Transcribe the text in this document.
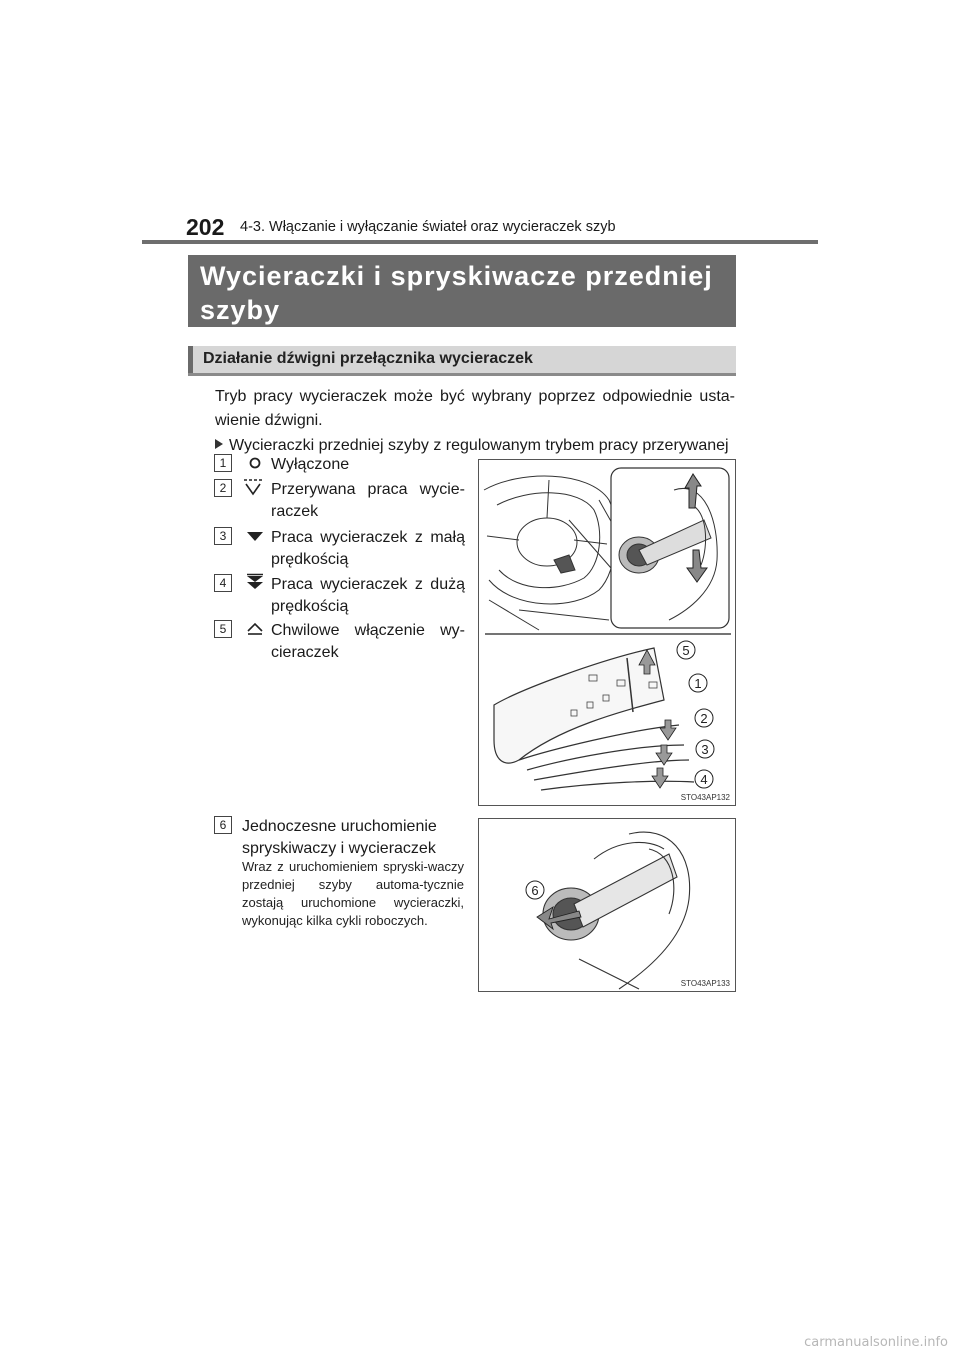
202 4-3. Włączanie i wyłączanie świateł oraz wycieraczek szyb
Wycieraczki i spryskiwacze przedniej
szyby
Działanie dźwigni przełącznika wycieraczek
Tryb pracy wycieraczek może być wybrany poprzez odpowiednie usta-wienie dźwigni.
Wycieraczki przedniej szyby z regulowanym trybem pracy przerywanej
1	Wyłączone
2	Przerywana praca wycie-
raczek
3	Praca wycieraczek z małą prędkością
4	Praca wycieraczek z dużą prędkością
5	Chwilowe włączenie wy-
cieraczek
6 Jednoczesne uruchomienie spryskiwaczy i wycieraczek
Wraz z uruchomieniem spryski-waczy przedniej szyby automa-tycznie zostają uruchomione wycieraczki, wykonując kilka cykli roboczych.
5
1
2
3
4
STO43AP132
6
STO43AP133
carmanualsonline.info
